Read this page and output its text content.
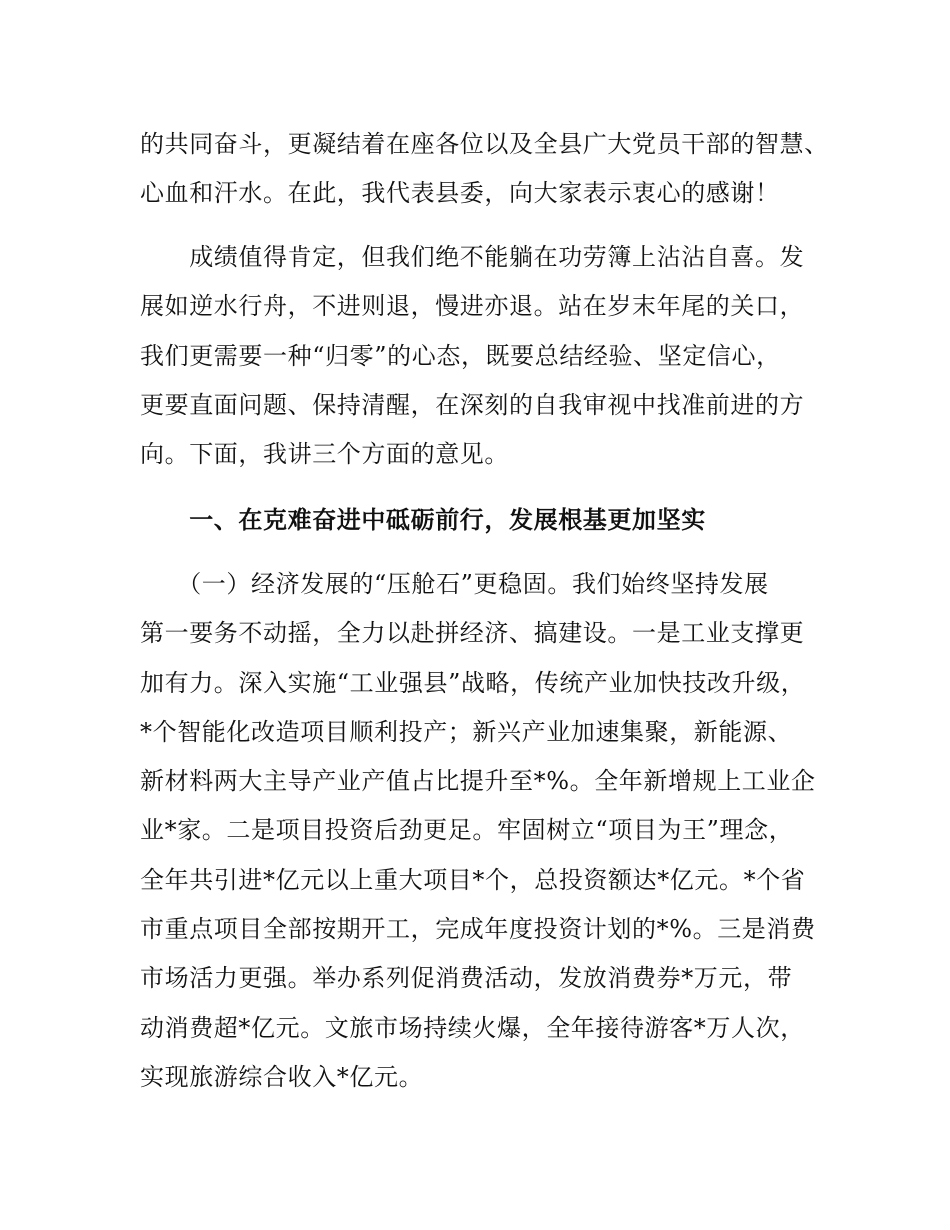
的共同奋斗，更凝结着在座各位以及全县广大党员干部的智慧、
心血和汗水。在此，我代表县委，向大家表示衷心的感谢！
　　成绩值得肯定，但我们绝不能躺在功劳簿上沾沾自喜。发
展如逆水行舟，不进则退，慢进亦退。站在岁末年尾的关口，
我们更需要一种“归零”的心态，既要总结经验、坚定信心，
更要直面问题、保持清醒，在深刻的自我审视中找准前进的方
向。下面，我讲三个方面的意见。
　　一、在克难奋进中砥砺前行，发展根基更加坚实
　　（一）经济发展的“压舱石”更稳固。我们始终坚持发展
第一要务不动摇，全力以赴拼经济、搞建设。一是工业支撑更
加有力。深入实施“工业强县”战略，传统产业加快技改升级，
*个智能化改造项目顺利投产；新兴产业加速集聚，新能源、
新材料两大主导产业产值占比提升至*%。全年新增规上工业企
业*家。二是项目投资后劲更足。牢固树立“项目为王”理念，
全年共引进*亿元以上重大项目*个，总投资额达*亿元。*个省
市重点项目全部按期开工，完成年度投资计划的*%。三是消费
市场活力更强。举办系列促消费活动，发放消费券*万元，带
动消费超*亿元。文旅市场持续火爆，全年接待游客*万人次，
实现旅游综合收入*亿元。
